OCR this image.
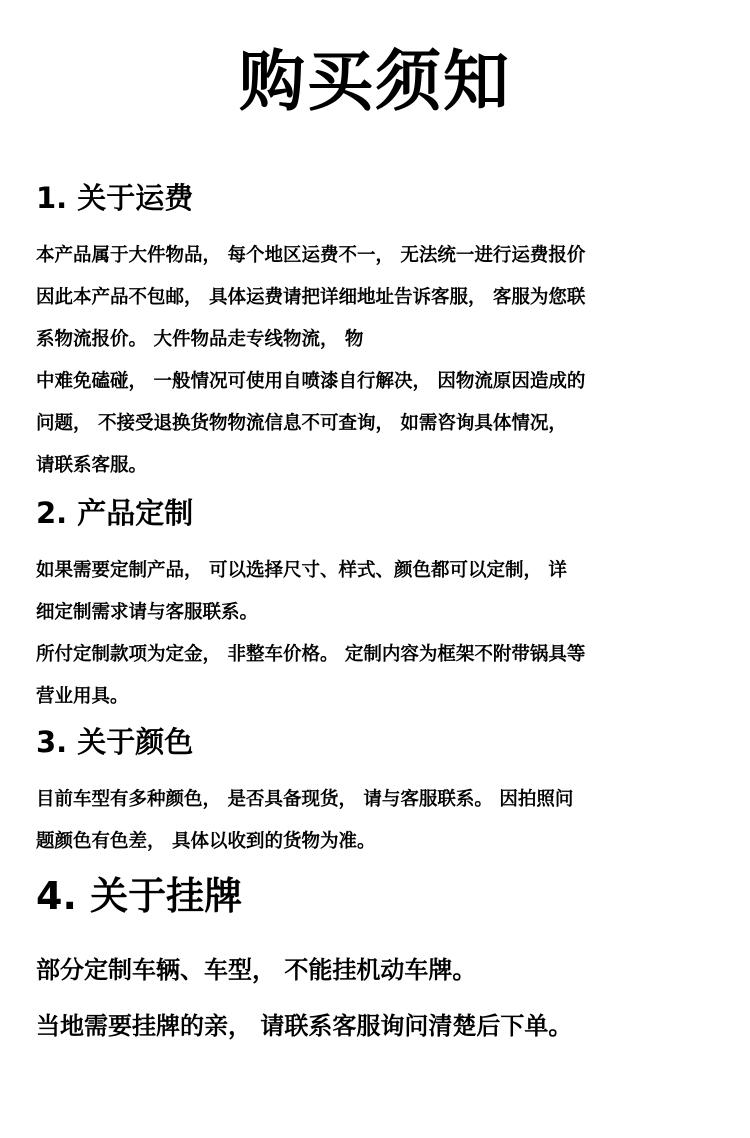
购买须知
1. 关于运费
本产品属于大件物品， 每个地区运费不一， 无法统一进行运费报价
因此本产品不包邮， 具体运费请把详细地址告诉客服， 客服为您联
系物流报价。 大件物品走专线物流， 物
中难免磕碰， 一般情况可使用自喷漆自行解决， 因物流原因造成的
问题， 不接受退换货物物流信息不可查询， 如需咨询具体情况，
请联系客服。
2. 产品定制
如果需要定制产品， 可以选择尺寸、样式、颜色都可以定制， 详
细定制需求请与客服联系。
所付定制款项为定金， 非整车价格。 定制内容为框架不附带锅具等
营业用具。
3. 关于颜色
目前车型有多种颜色， 是否具备现货， 请与客服联系。 因拍照问
题颜色有色差， 具体以收到的货物为准。
4. 关于挂牌
部分定制车辆、车型， 不能挂机动车牌。
当地需要挂牌的亲， 请联系客服询问清楚后下单。
